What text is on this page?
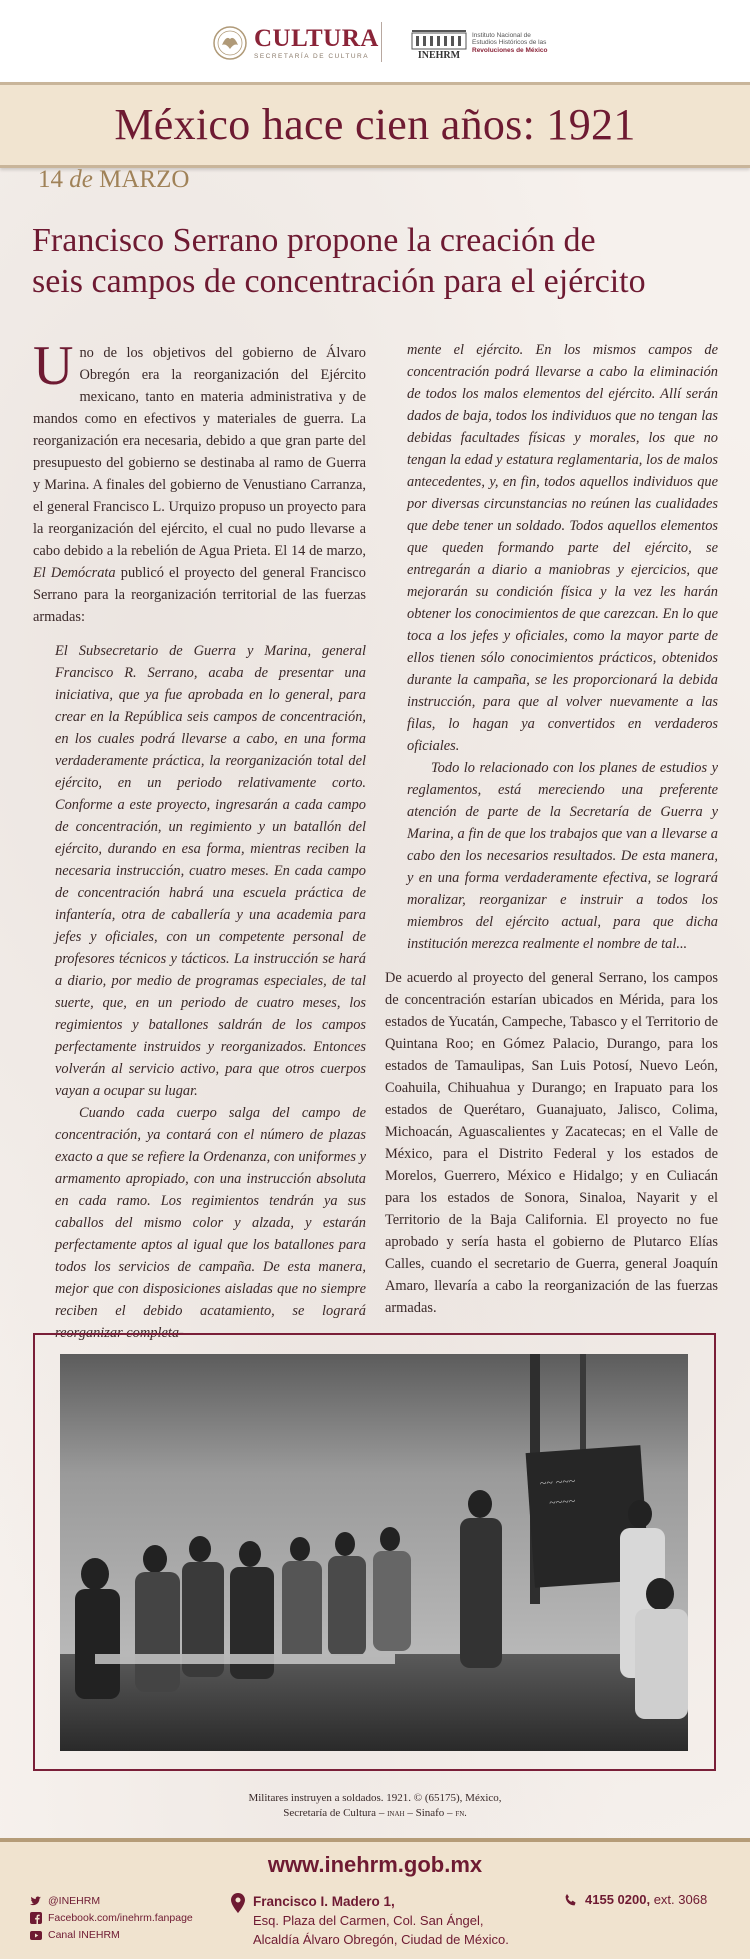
CULTURA
SECRETARÍA DE CULTURA	INEHRM
Instituto Nacional de
Estudios Históricos de las
Revoluciones de México
México hace cien años: 1921
14 de MARZO
Francisco Serrano propone la creación de
seis campos de concentración para el ejército

Uno de los objetivos del gobierno de Álvaro Obregón era la reorganización del Ejército mexicano, tanto en materia administrativa y de mandos como en efectivos y materiales de guerra. La reorganización era necesaria, debido a que gran parte del presupuesto del gobierno se destinaba al ramo de Guerra y Marina. A finales del gobierno de Venustiano Carranza, el general Francisco L. Urquizo propuso un proyecto para la reorganización del ejército, el cual no pudo llevarse a cabo debido a la rebelión de Agua Prieta. El 14 de marzo, El Demócrata publicó el proyecto del general Francisco Serrano para la reorganización territorial de las fuerzas armadas:

El Subsecretario de Guerra y Marina, general Francisco R. Serrano, acaba de presentar una iniciativa, que ya fue aprobada en lo general, para crear en la República seis campos de concentración, en los cuales podrá llevarse a cabo, en una forma verdaderamente práctica, la reorganización total del ejército, en un periodo relativamente corto. Conforme a este proyecto, ingresarán a cada campo de concentración, un regimiento y un batallón del ejército, durando en esa forma, mientras reciben la necesaria instrucción, cuatro meses. En cada campo de concentración habrá una escuela práctica de infantería, otra de caballería y una academia para jefes y oficiales, con un competente personal de profesores técnicos y tácticos. La instrucción se hará a diario, por medio de programas especiales, de tal suerte, que, en un periodo de cuatro meses, los regimientos y batallones saldrán de los campos perfectamente instruidos y reorganizados. Entonces volverán al servicio activo, para que otros cuerpos vayan a ocupar su lugar.

Cuando cada cuerpo salga del campo de concentración, ya contará con el número de plazas exacto a que se refiere la Ordenanza, con uniformes y armamento apropiado, con una instrucción absoluta en cada ramo. Los regimientos tendrán ya sus caballos del mismo color y alzada, y estarán perfectamente aptos al igual que los batallones para todos los servicios de campaña. De esta manera, mejor que con disposiciones aisladas que no siempre reciben el debido acatamiento, se logrará reorganizar completa-

mente el ejército. En los mismos campos de concentración podrá llevarse a cabo la eliminación de todos los malos elementos del ejército. Allí serán dados de baja, todos los individuos que no tengan las debidas facultades físicas y morales, los que no tengan la edad y estatura reglamentaria, los de malos antecedentes, y, en fin, todos aquellos individuos que por diversas circunstancias no reúnen las cualidades que debe tener un soldado. Todos aquellos elementos que queden formando parte del ejército, se entregarán a diario a maniobras y ejercicios, que mejorarán su condición física y la vez les harán obtener los conocimientos de que carezcan. En lo que toca a los jefes y oficiales, como la mayor parte de ellos tienen sólo conocimientos prácticos, obtenidos durante la campaña, se les proporcionará la debida instrucción, para que al volver nuevamente a las filas, lo hagan ya convertidos en verdaderos oficiales.

Todo lo relacionado con los planes de estudios y reglamentos, está mereciendo una preferente atención de parte de la Secretaría de Guerra y Marina, a fin de que los trabajos que van a llevarse a cabo den los necesarios resultados. De esta manera, y en una forma verdaderamente efectiva, se logrará moralizar, reorganizar e instruir a todos los miembros del ejército actual, para que dicha institución merezca realmente el nombre de tal...

De acuerdo al proyecto del general Serrano, los campos de concentración estarían ubicados en Mérida, para los estados de Yucatán, Campeche, Tabasco y el Territorio de Quintana Roo; en Gómez Palacio, Durango, para los estados de Tamaulipas, San Luis Potosí, Nuevo León, Coahuila, Chihuahua y Durango; en Irapuato para los estados de Querétaro, Guanajuato, Jalisco, Colima, Michoacán, Aguascalientes y Zacatecas; en el Valle de México, para el Distrito Federal y los estados de Morelos, Guerrero, México e Hidalgo; y en Culiacán para los estados de Sonora, Sinaloa, Nayarit y el Territorio de la Baja California. El proyecto no fue aprobado y sería hasta el gobierno de Plutarco Elías Calles, cuando el secretario de Guerra, general Joaquín Amaro, llevaría a cabo la reorganización de las fuerzas armadas.

~~ ~~~
~~~~
Militares instruyen a soldados. 1921. © (65175), México,
Secretaría de Cultura – inah – Sinafo – fn.
www.inehrm.gob.mx
@INEHRM
Facebook.com/inehrm.fanpage
Canal INEHRM
Francisco I. Madero 1,
Esq. Plaza del Carmen, Col. San Ángel,
Alcaldía Álvaro Obregón, Ciudad de México.
4155 0200,
ext. 3068
